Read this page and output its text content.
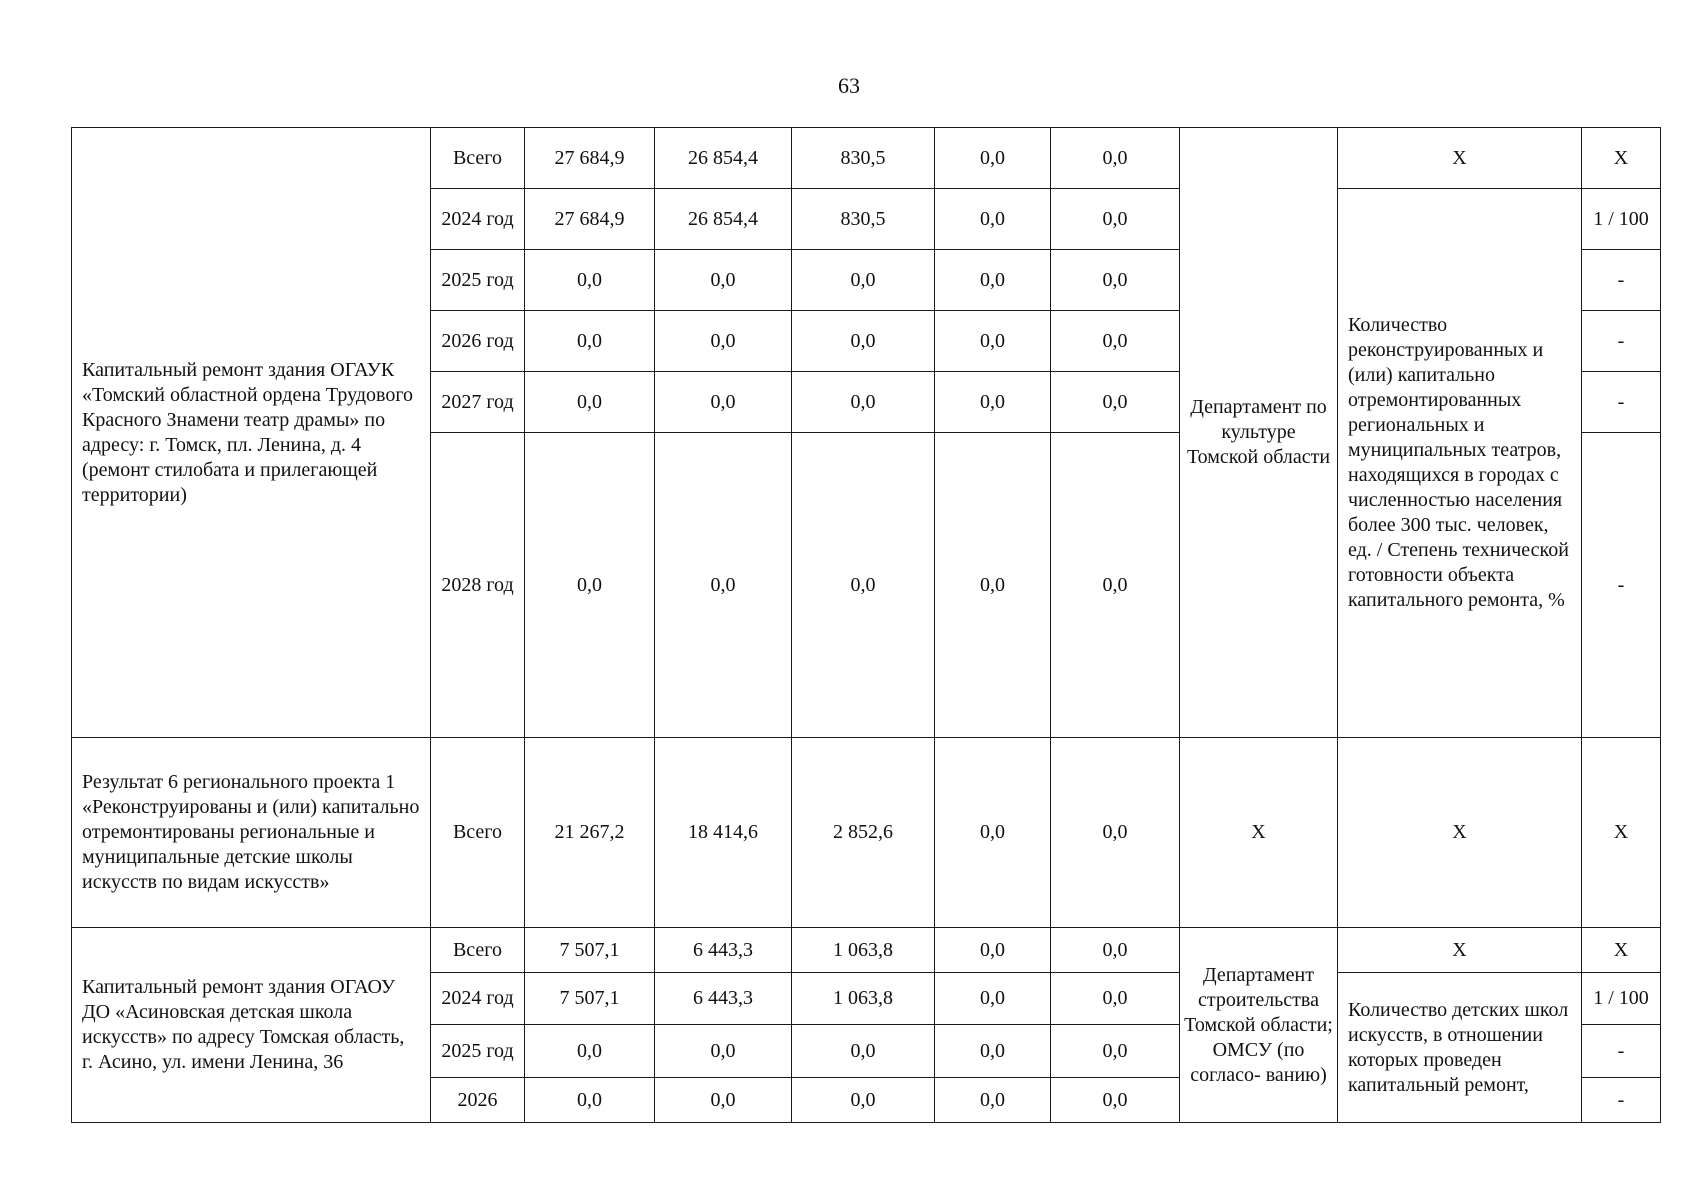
63
Капитальный ремонт здания ОГАУК «Томский областной ордена Трудового Красного Знамени театр драмы» по адресу: г. Томск, пл. Ленина, д. 4 (ремонт стилобата и прилегающей территории)	Всего	27 684,9	26 854,4	830,5	0,0	0,0	Департамент по культуре Томской области	X	X
	2024 год	27 684,9	26 854,4	830,5	0,0	0,0		Количество реконструированных и (или) капитально отремонтированных региональных и муниципальных театров, находящихся в городах с численностью населения более 300 тыс. человек, ед. / Степень технической готовности объекта капитального ремонта, %	1 / 100
	2025 год	0,0	0,0	0,0	0,0	0,0			-
	2026 год	0,0	0,0	0,0	0,0	0,0			-
	2027 год	0,0	0,0	0,0	0,0	0,0			-
	2028 год	0,0	0,0	0,0	0,0	0,0			-
Результат 6 регионального проекта 1 «Реконструированы и (или) капитально отремонтированы региональные и муниципальные детские школы искусств по видам искусств»	Всего	21 267,2	18 414,6	2 852,6	0,0	0,0	X	X	X
Капитальный ремонт здания ОГАОУ ДО «Асиновская детская школа искусств» по адресу Томская область, г. Асино, ул. имени Ленина, 36	Всего	7 507,1	6 443,3	1 063,8	0,0	0,0	Департамент строительства Томской области; ОМСУ (по согласо- ванию)	X	X
	2024 год	7 507,1	6 443,3	1 063,8	0,0	0,0		Количество детских школ искусств, в отношении которых проведен капитальный ремонт,	1 / 100
	2025 год	0,0	0,0	0,0	0,0	0,0			-
	2026	0,0	0,0	0,0	0,0	0,0			-
